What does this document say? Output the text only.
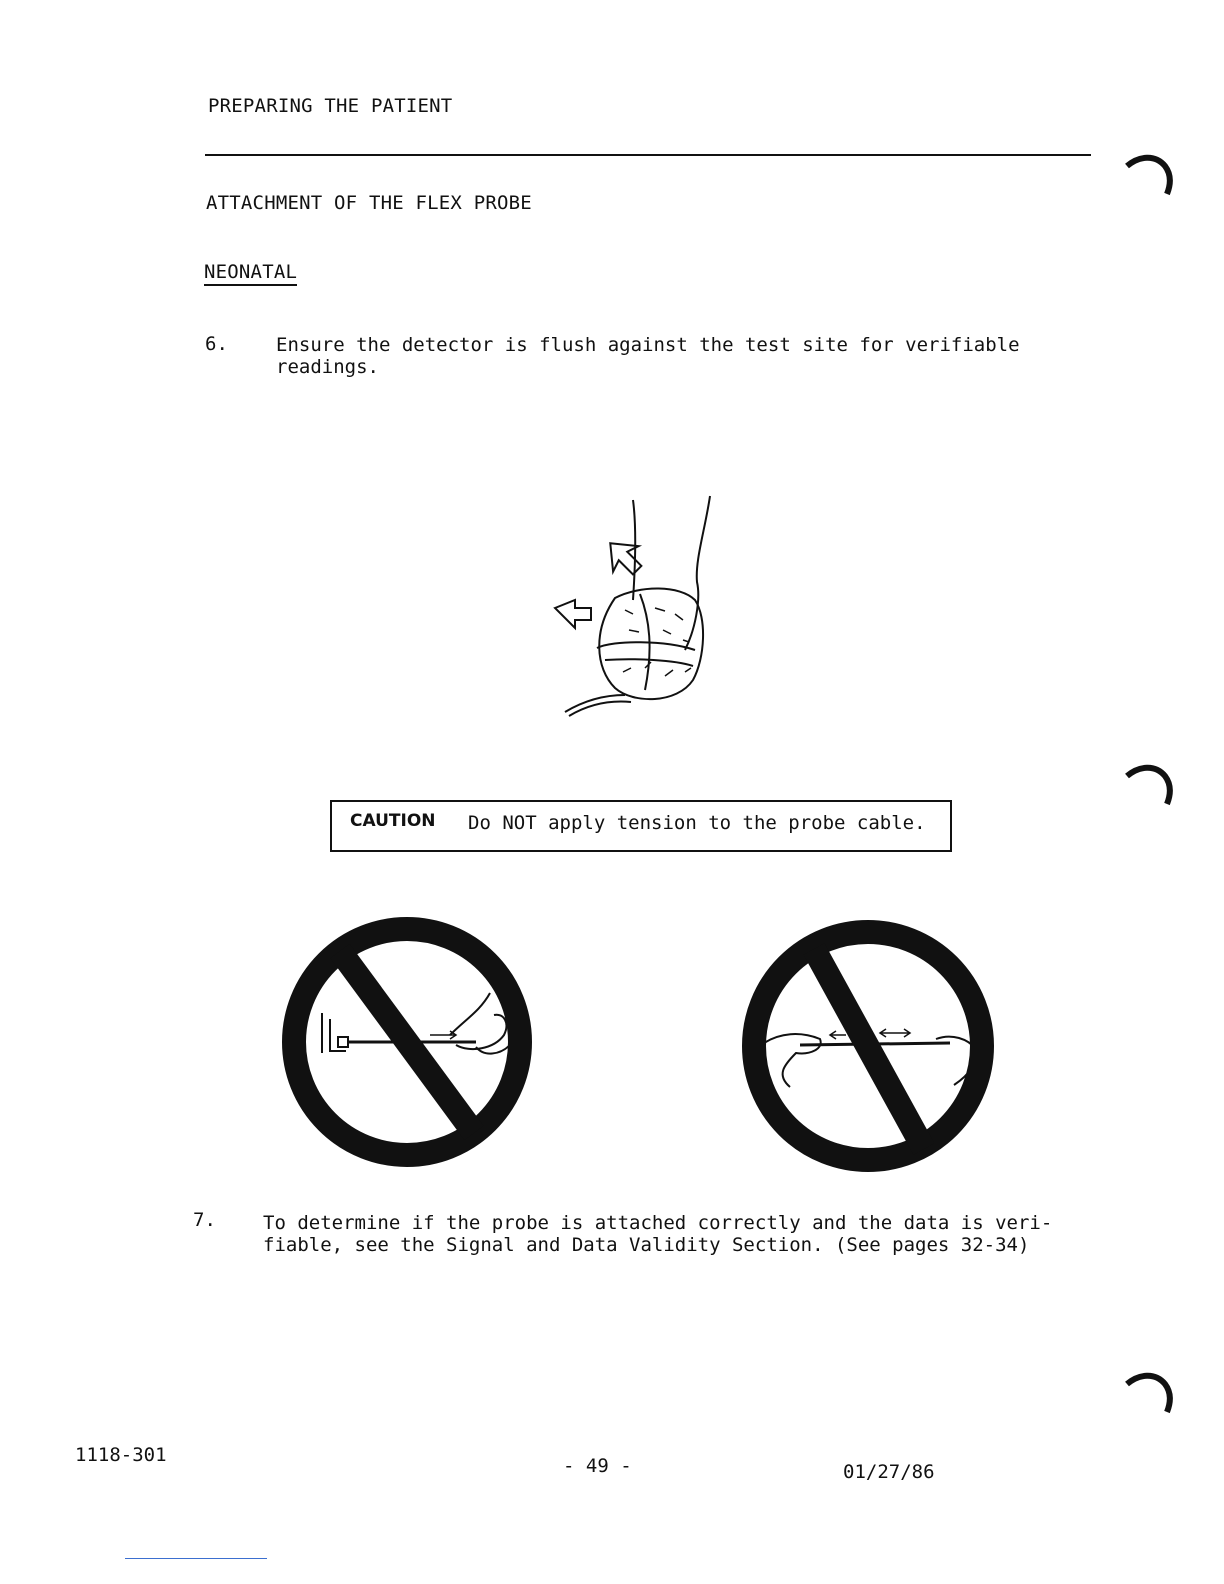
PREPARING THE PATIENT
ATTACHMENT OF THE FLEX PROBE
NEONATAL
6.	Ensure the detector is flush against the test site for verifiable
readings.
CAUTION Do NOT apply tension to the probe cable.
7. To determine if the probe is attached correctly and the data is veri-
fiable, see the Signal and Data Validity Section. (See pages 32-34)
1118-301	- 49 -	01/27/86
